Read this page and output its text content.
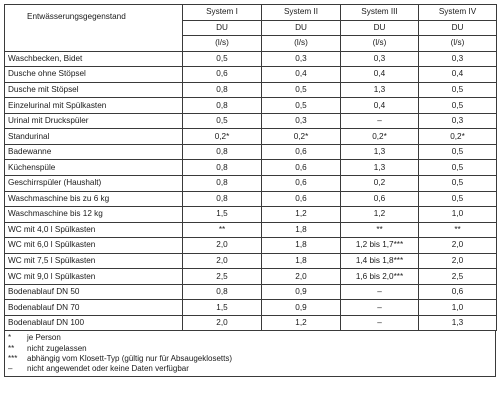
Entwässerungsgegenstand	System I	System II	System III	System IV
	DU	DU	DU	DU
	(l/s)	(l/s)	(l/s)	(l/s)
Waschbecken, Bidet	0,5	0,3	0,3	0,3
Dusche ohne Stöpsel	0,6	0,4	0,4	0,4
Dusche mit Stöpsel	0,8	0,5	1,3	0,5
Einzelurinal mit Spülkasten	0,8	0,5	0,4	0,5
Urinal mit Druckspüler	0,5	0,3	–	0,3
Standurinal	0,2*	0,2*	0,2*	0,2*
Badewanne	0,8	0,6	1,3	0,5
Küchenspüle	0,8	0,6	1,3	0,5
Geschirrspüler (Haushalt)	0,8	0,6	0,2	0,5
Waschmaschine bis zu 6 kg	0,8	0,6	0,6	0,5
Waschmaschine bis 12 kg	1,5	1,2	1,2	1,0
WC mit 4,0 l Spülkasten	**	1,8	**	**
WC mit 6,0 l Spülkasten	2,0	1,8	1,2 bis 1,7***	2,0
WC mit 7,5 l Spülkasten	2,0	1,8	1,4 bis 1,8***	2,0
WC mit 9,0 l Spülkasten	2,5	2,0	1,6 bis 2,0***	2,5
Bodenablauf DN 50	0,8	0,9	–	0,6
Bodenablauf DN 70	1,5	0,9	–	1,0
Bodenablauf DN 100	2,0	1,2	–	1,3
*	je Person
**	nicht zugelassen
***	abhängig vom Klosett-Typ (gültig nur für Absaugeklosetts)
–	nicht angewendet oder keine Daten verfügbar
